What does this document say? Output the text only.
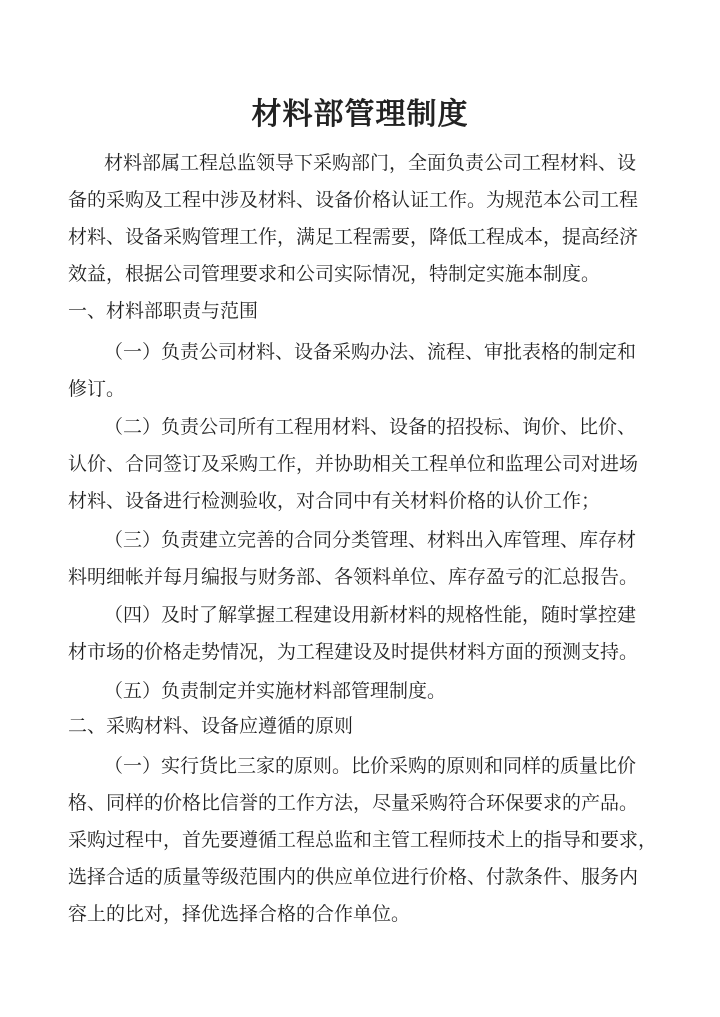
材料部管理制度
材料部属工程总监领导下采购部门，全面负责公司工程材料、设
备的采购及工程中涉及材料、设备价格认证工作。为规范本公司工程
材料、设备采购管理工作，满足工程需要，降低工程成本，提高经济
效益，根据公司管理要求和公司实际情况，特制定实施本制度。
一、材料部职责与范围
（一）负责公司材料、设备采购办法、流程、审批表格的制定和
修订。
（二）负责公司所有工程用材料、设备的招投标、询价、比价、
认价、合同签订及采购工作，并协助相关工程单位和监理公司对进场
材料、设备进行检测验收，对合同中有关材料价格的认价工作；
（三）负责建立完善的合同分类管理、材料出入库管理、库存材
料明细帐并每月编报与财务部、各领料单位、库存盈亏的汇总报告。
（四）及时了解掌握工程建设用新材料的规格性能，随时掌控建
材市场的价格走势情况，为工程建设及时提供材料方面的预测支持。
（五）负责制定并实施材料部管理制度。
二、采购材料、设备应遵循的原则
（一）实行货比三家的原则。比价采购的原则和同样的质量比价
格、同样的价格比信誉的工作方法，尽量采购符合环保要求的产品。
采购过程中，首先要遵循工程总监和主管工程师技术上的指导和要求，
选择合适的质量等级范围内的供应单位进行价格、付款条件、服务内
容上的比对，择优选择合格的合作单位。
